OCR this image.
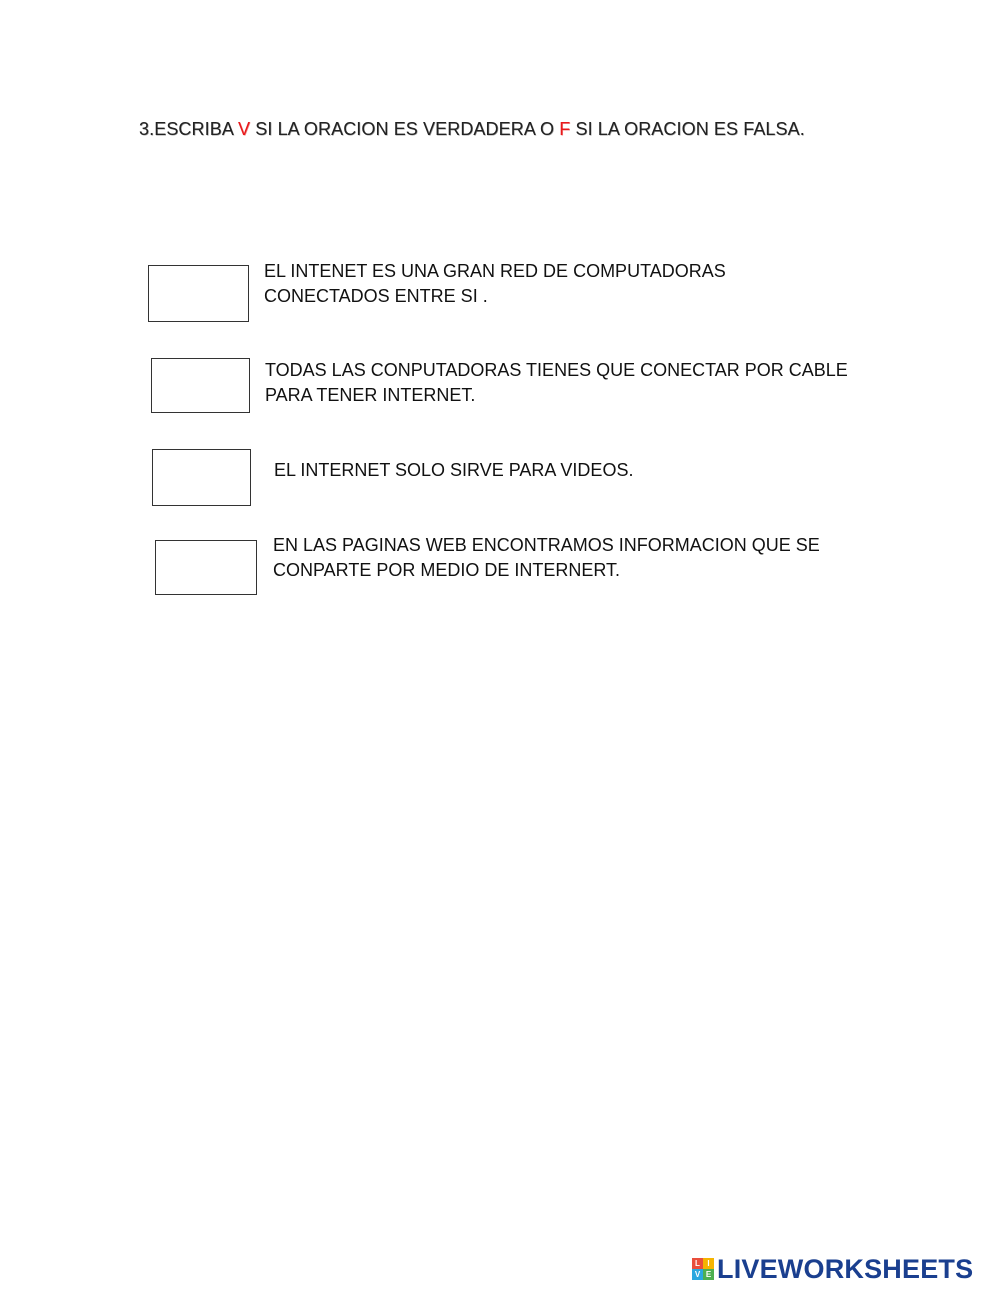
3.ESCRIBA V SI LA ORACION ES VERDADERA O F SI LA ORACION ES FALSA.
EL INTENET ES UNA GRAN RED DE COMPUTADORAS CONECTADOS ENTRE SI .
TODAS LAS CONPUTADORAS TIENES QUE CONECTAR POR CABLE PARA TENER INTERNET.
EL INTERNET SOLO SIRVE PARA VIDEOS.
EN LAS PAGINAS WEB ENCONTRAMOS INFORMACION QUE SE CONPARTE POR MEDIO DE INTERNERT.
L I
V E LIVEWORKSHEETS
